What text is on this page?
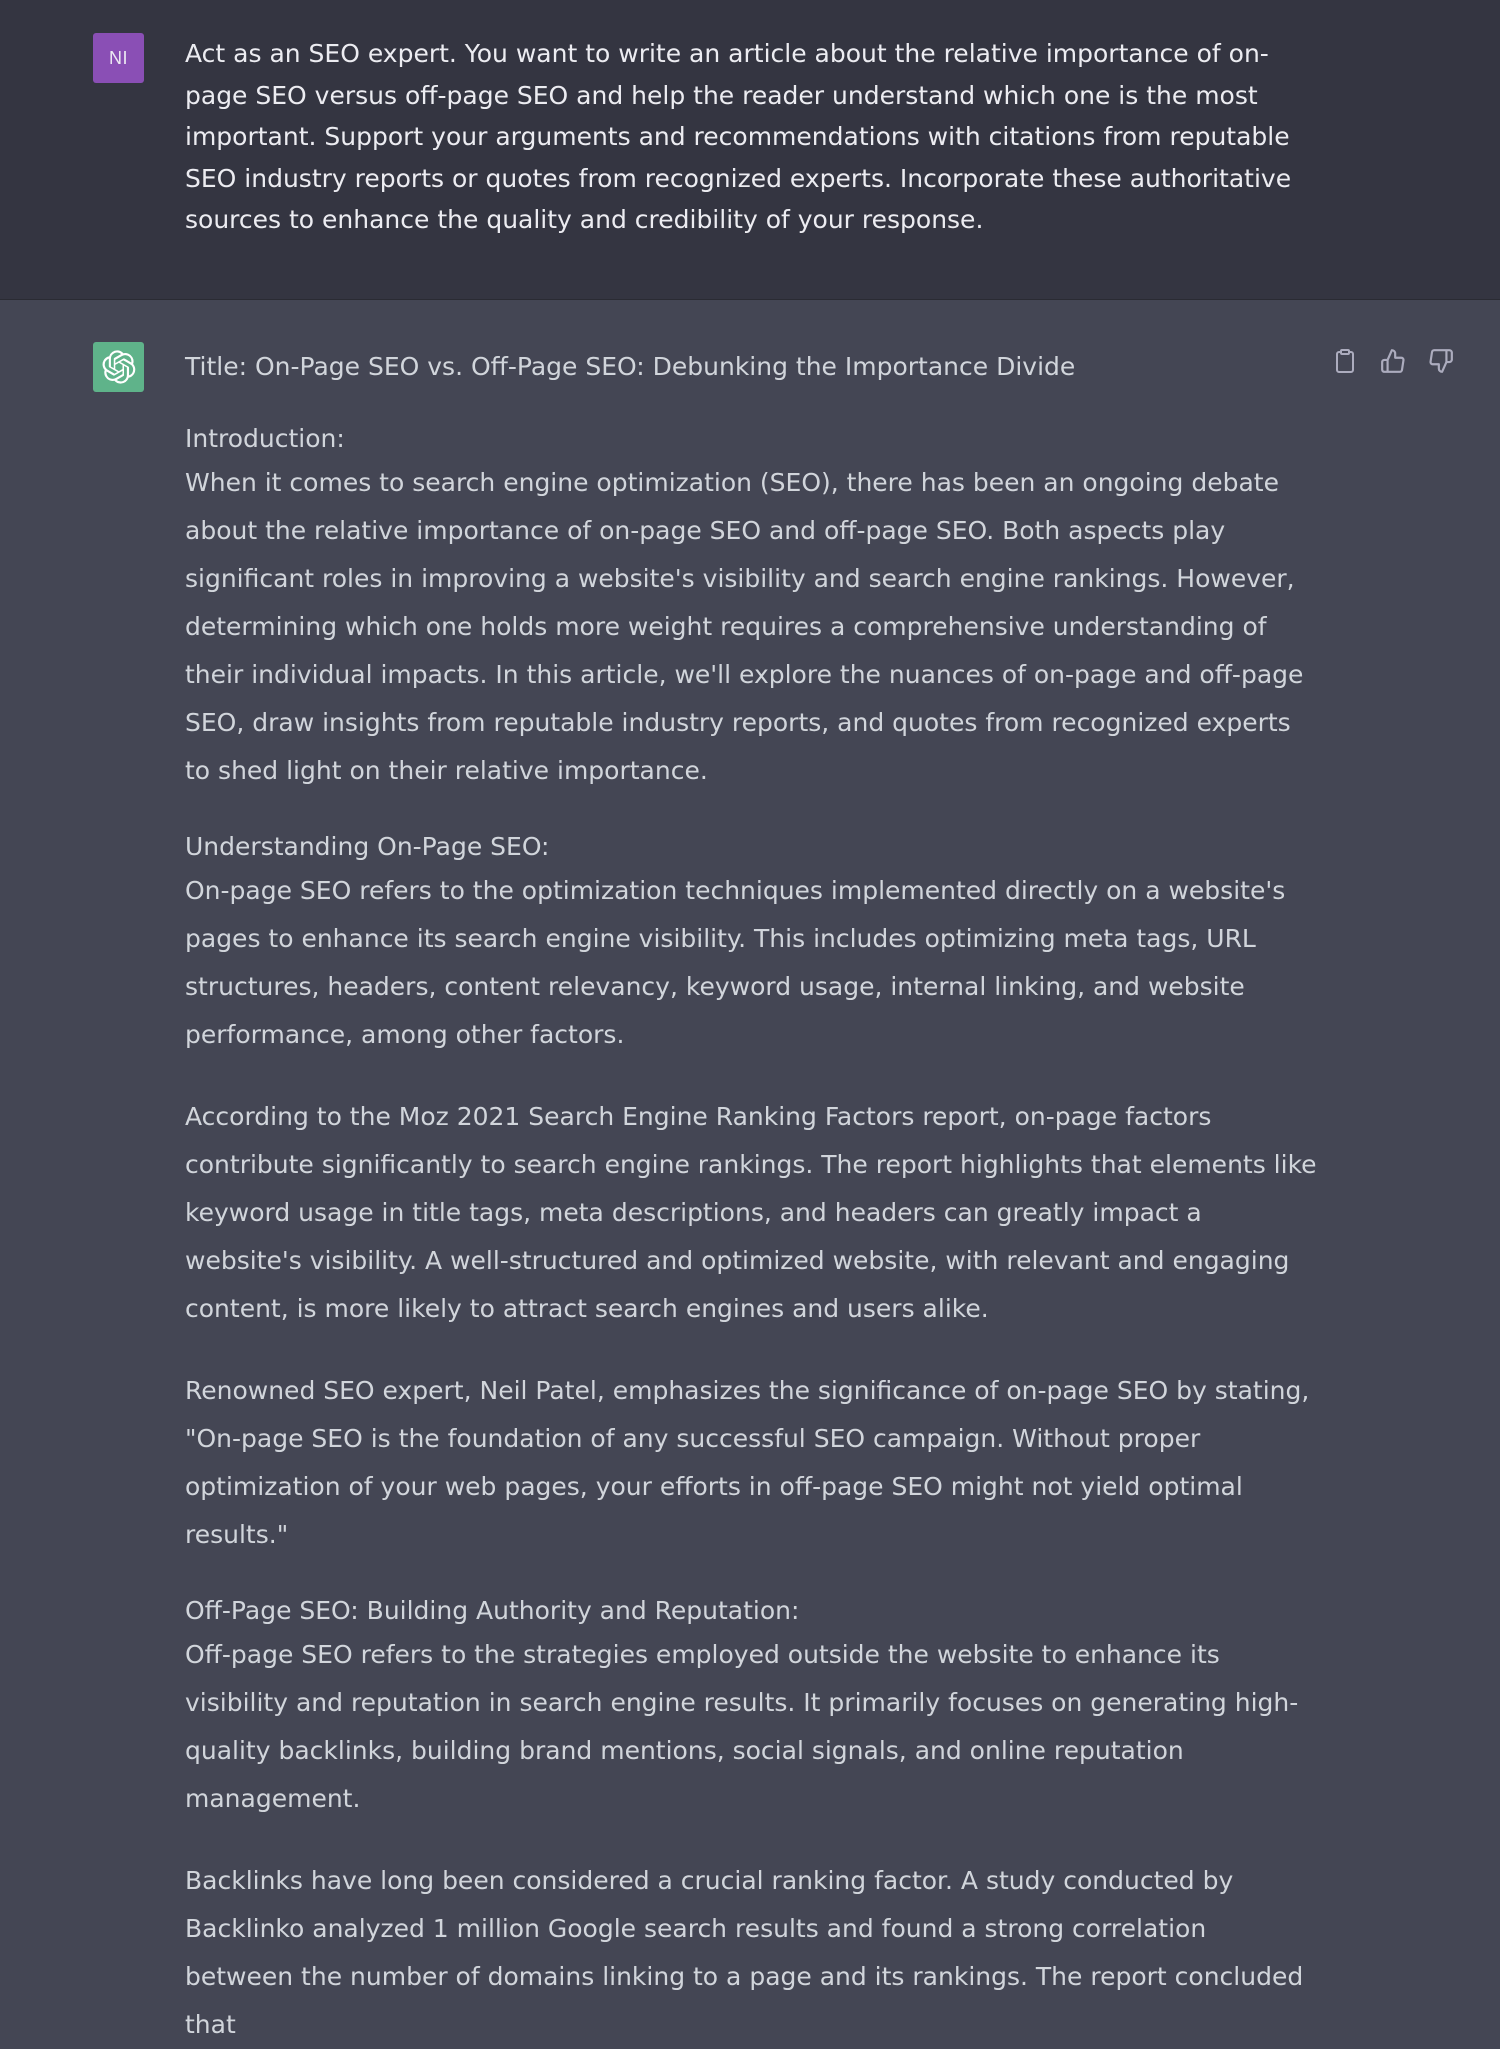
NI	Act as an SEO expert. You want to write an article about the relative importance of on-page SEO versus off-page SEO and help the reader understand which one is the most important. Support your arguments and recommendations with citations from reputable SEO industry reports or quotes from recognized experts. Incorporate these authoritative sources to enhance the quality and credibility of your response.

Title: On-Page SEO vs. Off-Page SEO: Debunking the Importance Divide

Introduction:

When it comes to search engine optimization (SEO), there has been an ongoing debate about the relative importance of on-page SEO and off-page SEO. Both aspects play significant roles in improving a website's visibility and search engine rankings. However, determining which one holds more weight requires a comprehensive understanding of their individual impacts. In this article, we'll explore the nuances of on-page and off-page SEO, draw insights from reputable industry reports, and quotes from recognized experts to shed light on their relative importance.

Understanding On-Page SEO:

On-page SEO refers to the optimization techniques implemented directly on a website's pages to enhance its search engine visibility. This includes optimizing meta tags, URL structures, headers, content relevancy, keyword usage, internal linking, and website performance, among other factors.

According to the Moz 2021 Search Engine Ranking Factors report, on-page factors contribute significantly to search engine rankings. The report highlights that elements like keyword usage in title tags, meta descriptions, and headers can greatly impact a website's visibility. A well-structured and optimized website, with relevant and engaging content, is more likely to attract search engines and users alike.

Renowned SEO expert, Neil Patel, emphasizes the significance of on-page SEO by stating, "On-page SEO is the foundation of any successful SEO campaign. Without proper optimization of your web pages, your efforts in off-page SEO might not yield optimal results."

Off-Page SEO: Building Authority and Reputation:

Off-page SEO refers to the strategies employed outside the website to enhance its visibility and reputation in search engine results. It primarily focuses on generating high-quality backlinks, building brand mentions, social signals, and online reputation management.

Backlinks have long been considered a crucial ranking factor. A study conducted by Backlinko analyzed 1 million Google search results and found a strong correlation between the number of domains linking to a page and its rankings. The report concluded that
